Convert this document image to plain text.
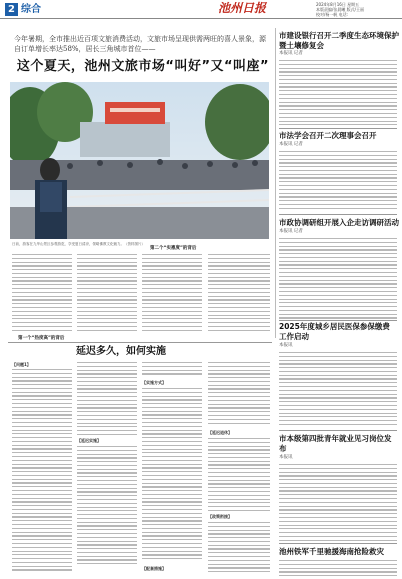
2 综合	池州日报	2024年8月16日 星期五
本版责编/张晨曦 版式/王丽
校对/杨一帆 电话:
今年暑期，全市推出近百项文旅消费活动，文旅市场呈现供需两旺的喜人景象，源自订单增长率达58%，居长三角城市首位——
这个夏天，池州文旅市场“叫好”又“叫座”
日前，游客在九华山景区参观游览，享受夏日清凉，领略佛教文化魅力。（资料图片）
第一个“热度高”的背后
第二个“实惠度”的背后
市建设银行召开二季度生态环境保护暨土壤修复会
本报讯 记者
市法学会召开二次理事会召开
本报讯 记者
市政协调研组开展入企走访调研活动
本报讯 记者
2025年度城乡居民医保参保缴费工作启动
本报讯
市本级第四批青年就业见习岗位发布
本报讯
池州铁军千里驰援海南抢险救灾
延迟多久，如何实施
【问题1】
【延迟实施】
【实施方式】
【延迟退休】
【政策衔接】
【配套措施】
